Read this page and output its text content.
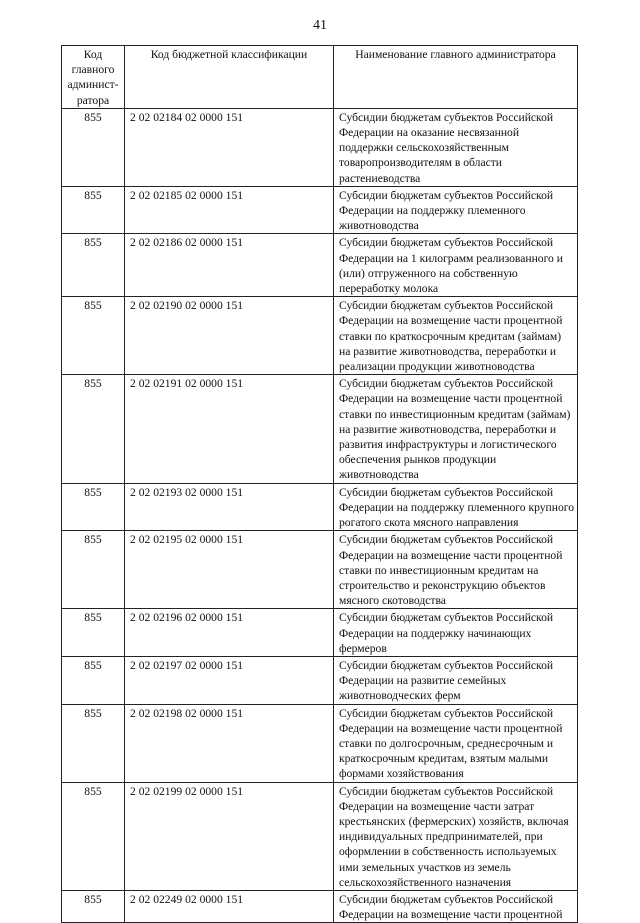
41
Код главного админист-ратора	Код бюджетной классификации	Наименование главного администратора
855	2 02 02184 02 0000 151	Субсидии бюджетам субъектов Российской Федерации на оказание несвязанной поддержки сельскохозяйственным товаропроизводителям в области растениеводства
855	2 02 02185 02 0000 151	Субсидии бюджетам субъектов Российской Федерации на поддержку племенного животноводства
855	2 02 02186 02 0000 151	Субсидии бюджетам субъектов Российской Федерации на 1 килограмм реализованного и (или) отгруженного на собственную переработку молока
855	2 02 02190 02 0000 151	Субсидии бюджетам субъектов Российской Федерации на возмещение части процентной ставки по краткосрочным кредитам (займам) на развитие животноводства, переработки и реализации продукции животноводства
855	2 02 02191 02 0000 151	Субсидии бюджетам субъектов Российской Федерации на возмещение части процентной ставки по инвестиционным кредитам (займам) на развитие животноводства, переработки и развития инфраструктуры и логистического обеспечения рынков продукции животноводства
855	2 02 02193 02 0000 151	Субсидии бюджетам субъектов Российской Федерации на поддержку племенного крупного рогатого скота мясного направления
855	2 02 02195 02 0000 151	Субсидии бюджетам субъектов Российской Федерации на возмещение части процентной ставки по инвестиционным кредитам на строительство и реконструкцию объектов мясного скотоводства
855	2 02 02196 02 0000 151	Субсидии бюджетам субъектов Российской Федерации на поддержку начинающих фермеров
855	2 02 02197 02 0000 151	Субсидии бюджетам субъектов Российской Федерации на развитие семейных животноводческих ферм
855	2 02 02198 02 0000 151	Субсидии бюджетам субъектов Российской Федерации на возмещение части процентной ставки по долгосрочным, среднесрочным и краткосрочным кредитам, взятым малыми формами хозяйствования
855	2 02 02199 02 0000 151	Субсидии бюджетам субъектов Российской Федерации на возмещение части затрат крестьянских (фермерских) хозяйств, включая индивидуальных предпринимателей, при оформлении в собственность используемых ими земельных участков из земель сельскохозяйственного назначения
855	2 02 02249 02 0000 151	Субсидии бюджетам субъектов Российской Федерации на возмещение части процентной
